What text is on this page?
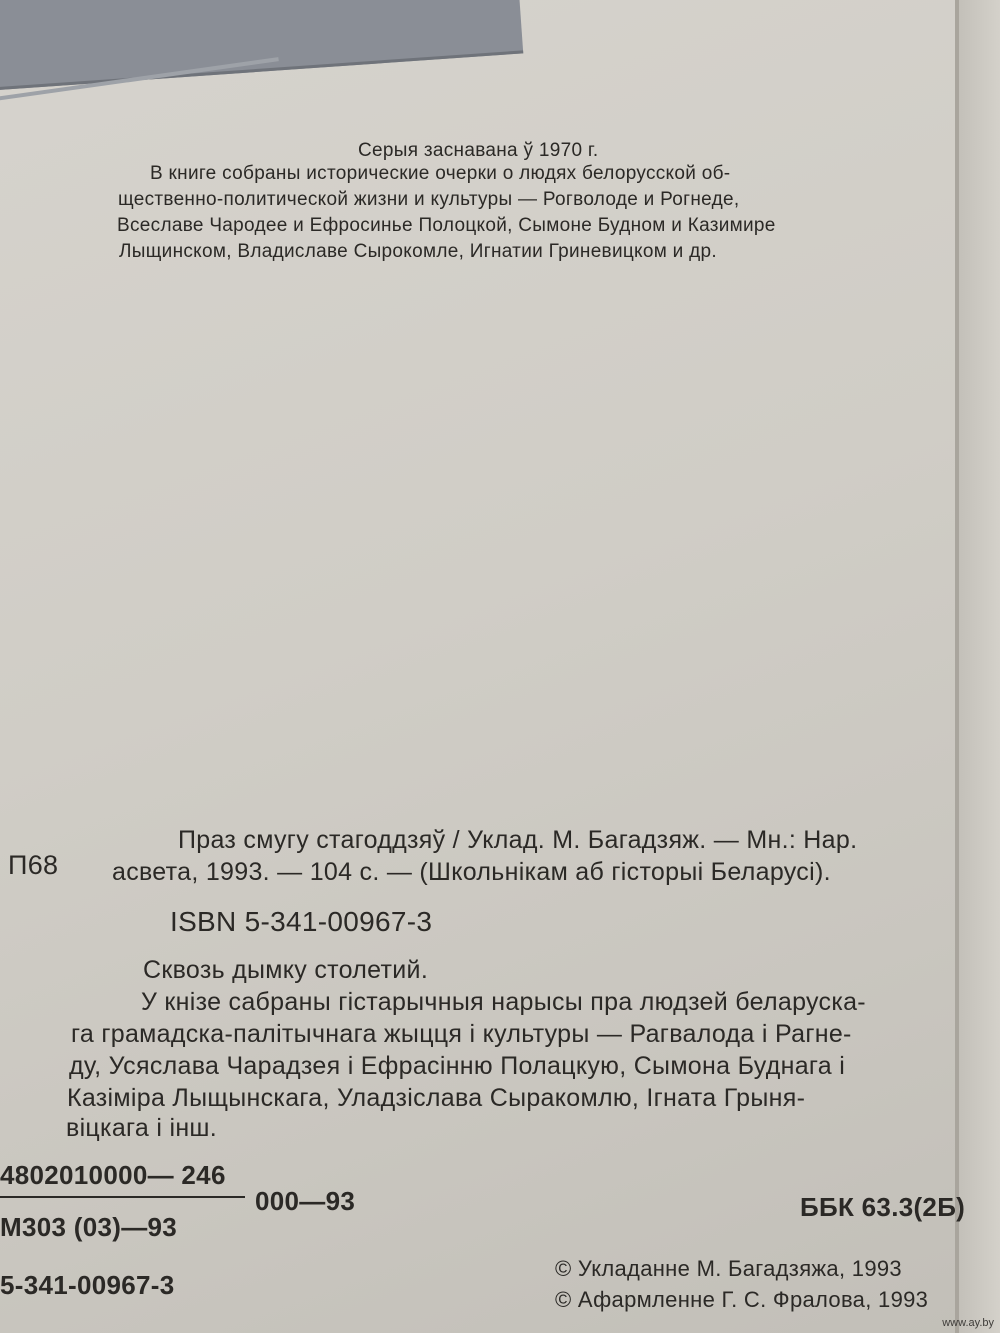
Серыя заснавана ў 1970 г.
В книге собраны исторические очерки о людях белорусской об-
щественно-политической жизни и культуры — Рогволоде и Рогнеде,
Всеславе Чародее и Ефросинье Полоцкой, Сымоне Будном и Казимире
Лыщинском, Владиславе Сырокомле, Игнатии Гриневицком и др.
Праз смугу стагоддзяў / Уклад. М. Багадзяж. — Мн.: Нар.
П68 асвета, 1993. — 104 с. — (Школьнікам аб гісторыі Беларусі).
ISBN 5-341-00967-3
Сквозь дымку столетий.
У кнізе сабраны гістарычныя нарысы пра людзей беларуска-
га грамадска-палітычнага жыцця і культуры — Рагвалода і Рагне-
ду, Усяслава Чарадзея і Ефрасінню Полацкую, Сымона Буднага і
Казіміра Лыщынскага, Уладзіслава Сыракомлю, Ігната Грыня-
віцкага і інш.
4802010000— 246
000—93
М303 (03)—93
ББК 63.3(2Б)
5-341-00967-3
© Укладанне М. Багадзяжа, 1993
© Афармленне Г. С. Фралова, 1993
www.ay.by
